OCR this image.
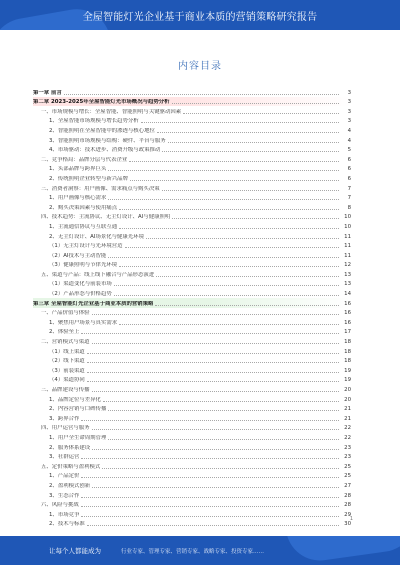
全屋智能灯光企业基于商业本质的营销策略研究报告
内容目录
第一章 前言	3
第二章 2023-2025年全屋智能灯光市场概况与趋势分析	3
一、市场规模与增长：全屋智能、智能照明与关键驱动因素	3
1、全屋智能市场规模与增长趋势分析	3
2、智能照明在全屋智能中的渗透与核心地位	4
3、智能照明市场规模与结构：硬件、平台与服务	4
4、市场驱动：技术进步、消费升级与政策推动	5
二、竞争格局：品牌分层与代表企业	6
1、头部品牌与跨界巨头	6
2、传统照明企业转型与新兴品牌	6
三、消费者洞察：用户画像、需求痛点与购买决策	7
1、用户画像与核心需求	7
2、购买决策因素与使用痛点	8
四、技术趋势：主流协议、无主灯设计、AI与健康照明	10
1、主流通信协议与互联互通	10
2、无主灯设计、AI场景化与健康光环境	11
（1）无主灯设计与光环境营造	11
（2）AI技术与主动智能	11
（3）健康照明与节律光环境	12
五、渠道与产品：线上线下融合与产品形态演进	13
（1）渠道变化与前装市场	13
（2）产品形态与价格趋势	14
第三章 全屋智能灯光企业基于商业本质的营销策略	16
一、产品价值与体验	16
1、聚焦用户场景与真实需求	16
2、体验至上	17
二、营销模式与渠道	18
（1）线上渠道	18
（2）线下渠道	18
（3）前装渠道	19
（4）渠道协同	19
三、品牌建设与传播	20
1、品牌定位与差异化	20
2、内容营销与口碑传播	21
3、跨界合作	21
四、用户运营与服务	22
1、用户全生命周期管理	22
2、服务体系建设	23
3、社群运营	23
五、定价策略与盈利模式	25
1、产品定价	25
2、盈利模式创新	27
3、生态合作	28
六、风险与挑战	28
1、市场竞争	29
2、技术与标准	30
1
让每个人都能成为	行业专家、管理专家、营销专家、战略专家、投资专家……
